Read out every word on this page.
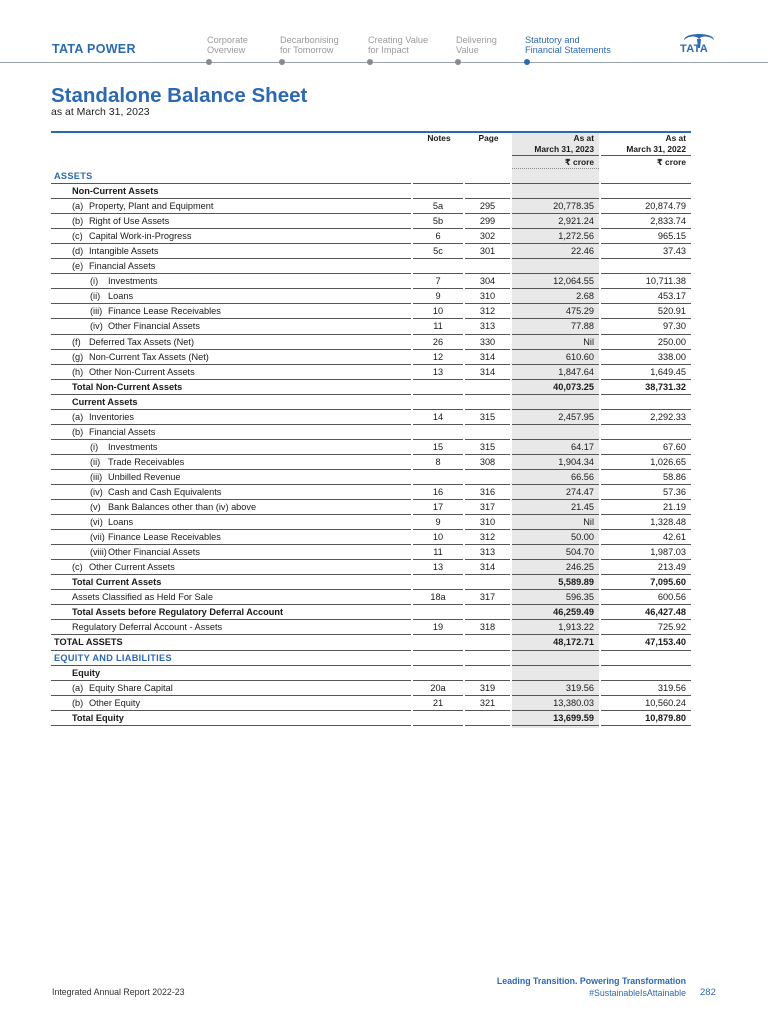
TATA POWER
Corporate
Overview
Decarbonising
for Tomorrow
Creating Value
for Impact
Delivering
Value
Statutory and
Financial Statements	TATA
Standalone Balance Sheet
as at March 31, 2023
Notes	Page	As at
March 31, 2023
As at
March 31, 2022
₹ crore	₹ crore
ASSETS
Non-Current Assets
(a) Property, Plant and Equipment	5a	295	20,778.35	20,874.79
(b) Right of Use Assets	5b	299	2,921.24	2,833.74
(c) Capital Work-in-Progress	6	302	1,272.56	965.15
(d) Intangible Assets	5c	301	22.46	37.43
(e) Financial Assets
(i) Investments	7	304	12,064.55	10,711.38
(ii) Loans	9	310	2.68	453.17
(iii) Finance Lease Receivables	10	312	475.29	520.91
(iv) Other Financial Assets	11	313	77.88	97.30
(f) Deferred Tax Assets (Net)	26	330	Nil	250.00
(g) Non-Current Tax Assets (Net)	12	314	610.60	338.00
(h) Other Non-Current Assets	13	314	1,847.64	1,649.45
Total Non-Current Assets	40,073.25	38,731.32
Current Assets
(a) Inventories	14	315	2,457.95	2,292.33
(b) Financial Assets
(i) Investments	15	315	64.17	67.60
(ii) Trade Receivables	8	308	1,904.34	1,026.65
(iii) Unbilled Revenue	66.56	58.86
(iv) Cash and Cash Equivalents	16	316	274.47	57.36
(v) Bank Balances other than (iv) above	17	317	21.45	21.19
(vi) Loans	9	310	Nil	1,328.48
(vii) Finance Lease Receivables	10	312	50.00	42.61
(viii)Other Financial Assets	11	313	504.70	1,987.03
(c) Other Current Assets	13	314	246.25	213.49
Total Current Assets	5,589.89	7,095.60
Assets Classified as Held For Sale	18a	317	596.35	600.56
Total Assets before Regulatory Deferral Account	46,259.49	46,427.48
Regulatory Deferral Account - Assets	19	318	1,913.22	725.92
TOTAL ASSETS	48,172.71	47,153.40
EQUITY AND LIABILITIES
Equity
(a) Equity Share Capital	20a	319	319.56	319.56
(b) Other Equity	21	321	13,380.03	10,560.24
Total Equity	13,699.59	10,879.80
Integrated Annual Report 2022-23
Leading Transition. Powering Transformation
#SustainableIsAttainable 282
